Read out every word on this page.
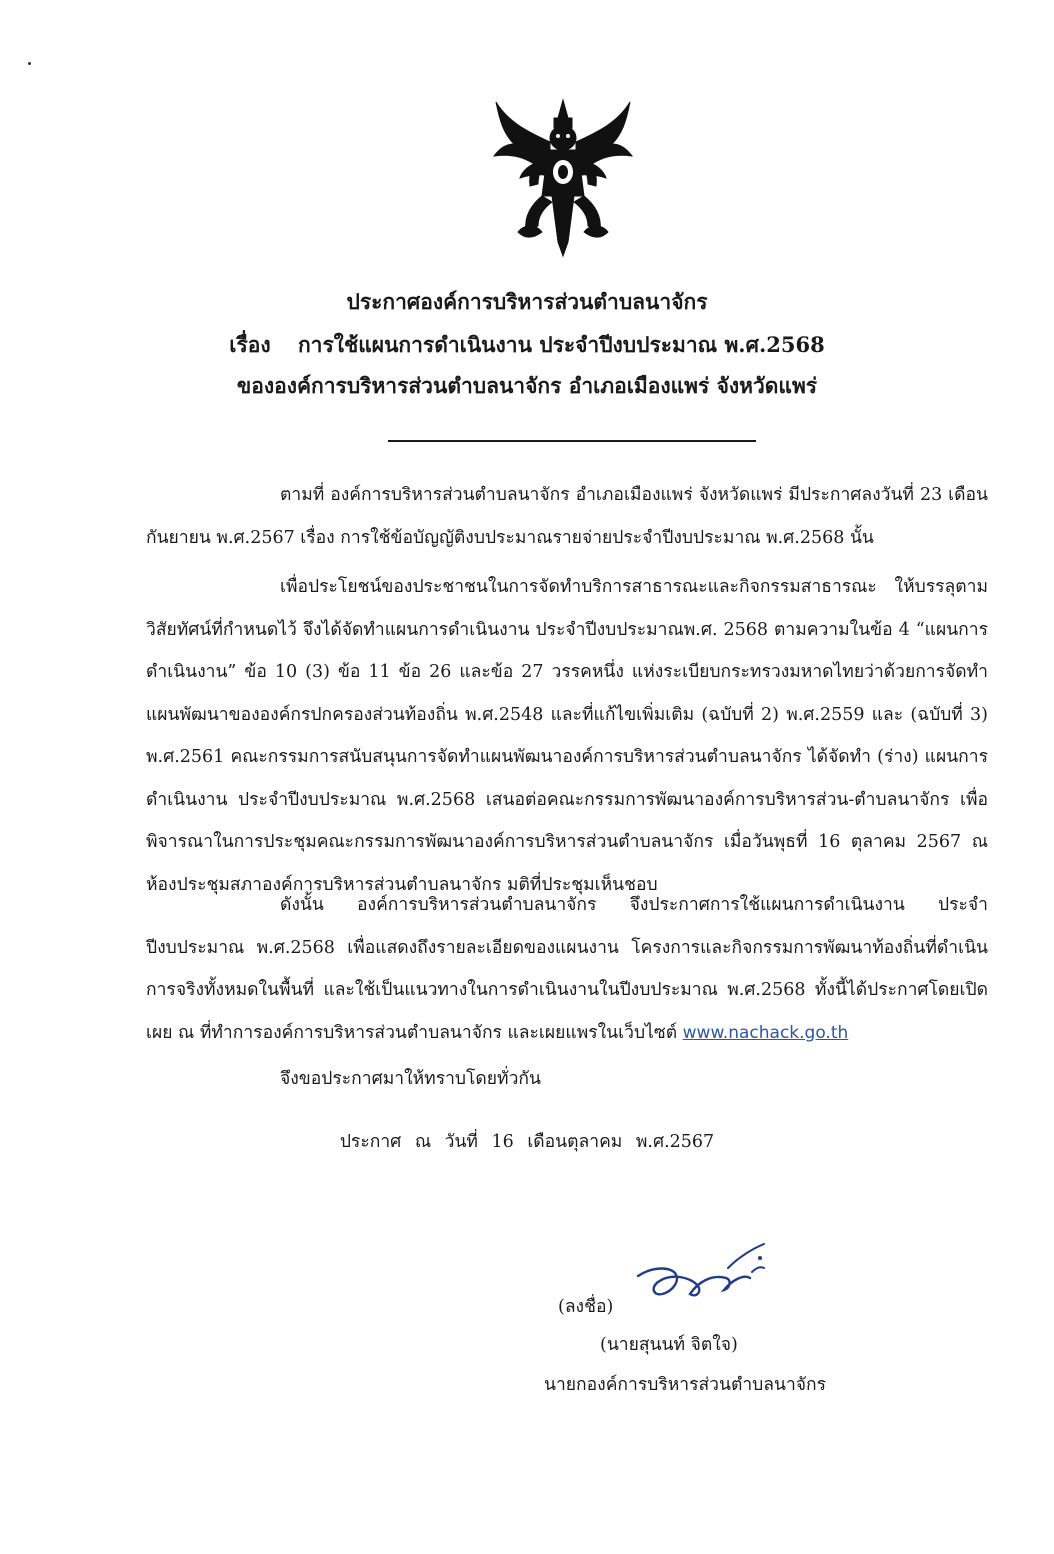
ประกาศองค์การบริหารส่วนตำบลนาจักร
เรื่อง การใช้แผนการดำเนินงาน ประจำปีงบประมาณ พ.ศ.2568
ขององค์การบริหารส่วนตำบลนาจักร อำเภอเมืองแพร่ จังหวัดแพร่
ตามที่ องค์การบริหารส่วนตำบลนาจักร อำเภอเมืองแพร่ จังหวัดแพร่ มีประกาศลงวันที่ 23 เดือนกันยายน พ.ศ.2567 เรื่อง การใช้ข้อบัญญัติงบประมาณรายจ่ายประจำปีงบประมาณ พ.ศ.2568 นั้น
เพื่อประโยชน์ของประชาชนในการจัดทำบริการสาธารณะและกิจกรรมสาธารณะ ให้บรรลุตามวิสัยทัศน์ที่กำหนดไว้ จึงได้จัดทำแผนการดำเนินงาน ประจำปีงบประมาณพ.ศ. 2568 ตามความในข้อ 4 “แผนการดำเนินงาน” ข้อ 10 (3) ข้อ 11 ข้อ 26 และข้อ 27 วรรคหนึ่ง แห่งระเบียบกระทรวงมหาดไทยว่าด้วยการจัดทำแผนพัฒนาขององค์กรปกครองส่วนท้องถิ่น พ.ศ.2548 และที่แก้ไขเพิ่มเติม (ฉบับที่ 2) พ.ศ.2559 และ (ฉบับที่ 3) พ.ศ.2561 คณะกรรมการสนับสนุนการจัดทำแผนพัฒนาองค์การบริหารส่วนตำบลนาจักร ได้จัดทำ (ร่าง) แผนการดำเนินงาน ประจำปีงบประมาณ พ.ศ.2568 เสนอต่อคณะกรรมการพัฒนาองค์การบริหารส่วน-ตำบลนาจักร เพื่อพิจารณาในการประชุมคณะกรรมการพัฒนาองค์การบริหารส่วนตำบลนาจักร เมื่อวันพุธที่ 16 ตุลาคม 2567 ณ ห้องประชุมสภาองค์การบริหารส่วนตำบลนาจักร มติที่ประชุมเห็นชอบ
ดังนั้น องค์การบริหารส่วนตำบลนาจักร จึงประกาศการใช้แผนการดำเนินงาน ประจำปีงบประมาณ พ.ศ.2568 เพื่อแสดงถึงรายละเอียดของแผนงาน โครงการและกิจกรรมการพัฒนาท้องถิ่นที่ดำเนินการจริงทั้งหมดในพื้นที่ และใช้เป็นแนวทางในการดำเนินงานในปีงบประมาณ พ.ศ.2568 ทั้งนี้ได้ประกาศโดยเปิดเผย ณ ที่ทำการองค์การบริหารส่วนตำบลนาจักร และเผยแพรในเว็บไซต์ www.nachack.go.th
จึงขอประกาศมาให้ทราบโดยทั่วกัน
ประกาศ ณ วันที่ 16 เดือนตุลาคม พ.ศ.2567
(ลงชื่อ)
(นายสุนนท์ จิตใจ)
นายกองค์การบริหารส่วนตำบลนาจักร
